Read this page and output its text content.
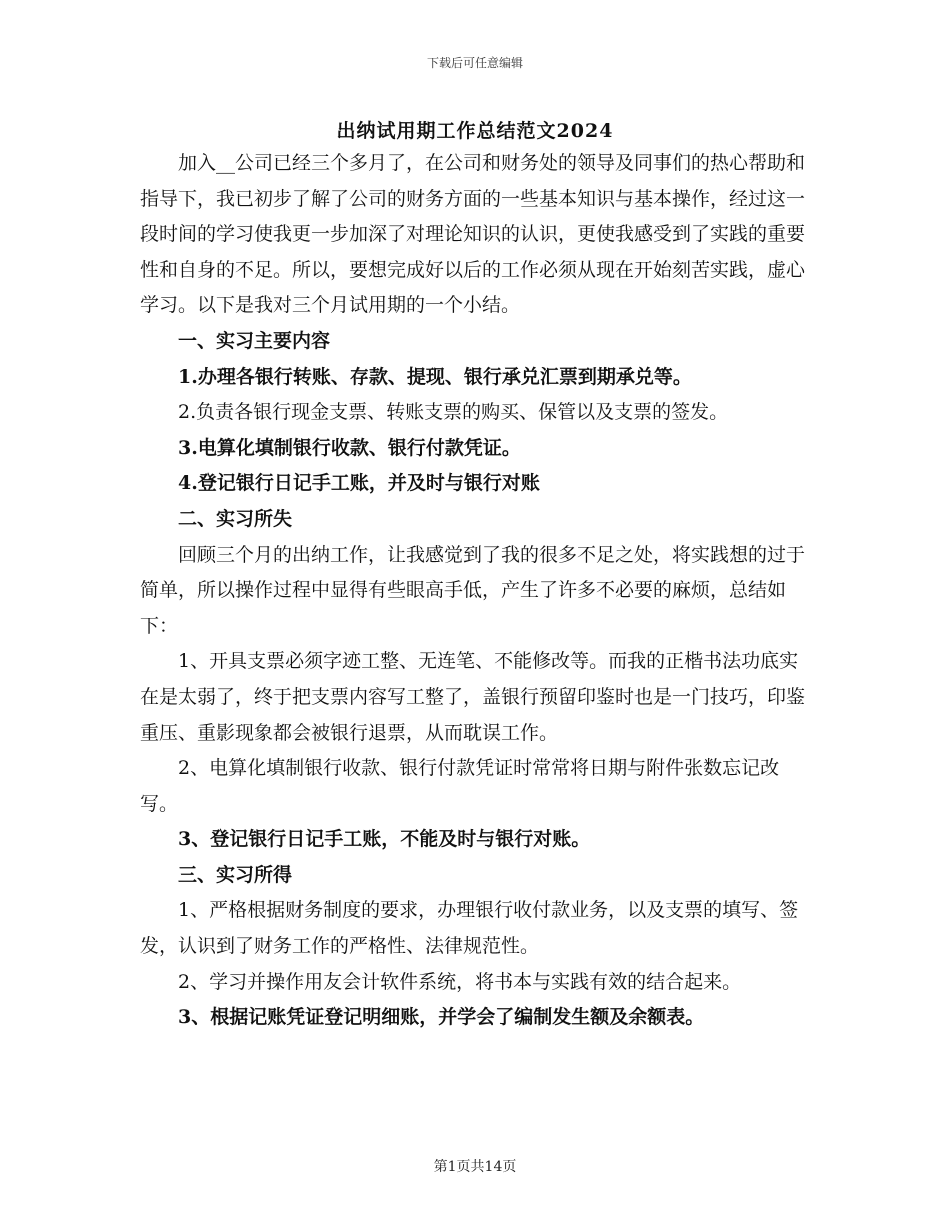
下载后可任意编辑
出纳试用期工作总结范文2024

加入__公司已经三个多月了，在公司和财务处的领导及同事们的热心帮助和指导下，我已初步了解了公司的财务方面的一些基本知识与基本操作，经过这一段时间的学习使我更一步加深了对理论知识的认识，更使我感受到了实践的重要性和自身的不足。所以，要想完成好以后的工作必须从现在开始刻苦实践，虚心学习。以下是我对三个月试用期的一个小结。

一、实习主要内容

1.办理各银行转账、存款、提现、银行承兑汇票到期承兑等。

2.负责各银行现金支票、转账支票的购买、保管以及支票的签发。

3.电算化填制银行收款、银行付款凭证。

4.登记银行日记手工账，并及时与银行对账

二、实习所失

回顾三个月的出纳工作，让我感觉到了我的很多不足之处，将实践想的过于简单，所以操作过程中显得有些眼高手低，产生了许多不必要的麻烦，总结如下：

1、开具支票必须字迹工整、无连笔、不能修改等。而我的正楷书法功底实在是太弱了，终于把支票内容写工整了，盖银行预留印鉴时也是一门技巧，印鉴重压、重影现象都会被银行退票，从而耽误工作。

2、电算化填制银行收款、银行付款凭证时常常将日期与附件张数忘记改写。

3、登记银行日记手工账，不能及时与银行对账。

三、实习所得

1、严格根据财务制度的要求，办理银行收付款业务，以及支票的填写、签发，认识到了财务工作的严格性、法律规范性。

2、学习并操作用友会计软件系统，将书本与实践有效的结合起来。

3、根据记账凭证登记明细账，并学会了编制发生额及余额表。

第1页共14页
